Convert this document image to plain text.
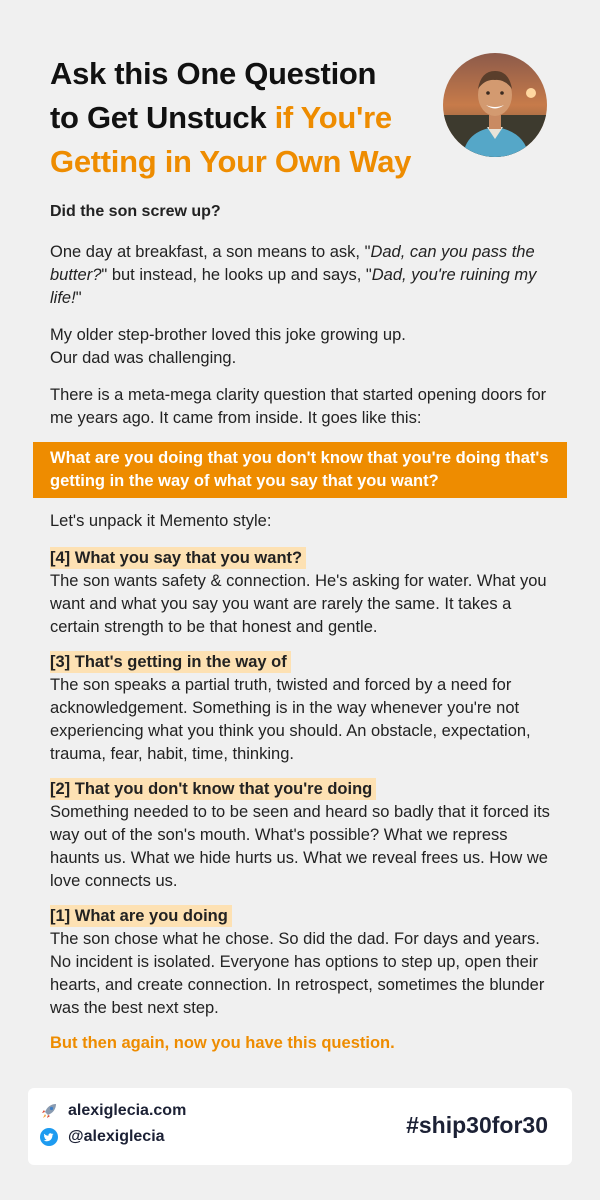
Ask this One Question
to Get Unstuck if You're
Getting in Your Own Way

Did the son screw up?

One day at breakfast, a son means to ask, "Dad, can you pass the butter?" but instead, he looks up and says, "Dad, you're ruining my life!"

My older step-brother loved this joke growing up.
Our dad was challenging.

There is a meta-mega clarity question that started opening doors for me years ago. It came from inside. It goes like this:

What are you doing that you don't know that you're doing that's getting in the way of what you say that you want?

Let's unpack it Memento style:

[4] What you say that you want?

The son wants safety & connection. He's asking for water. What you want and what you say you want are rarely the same. It takes a certain strength to be that honest and gentle.

[3] That's getting in the way of

The son speaks a partial truth, twisted and forced by a need for acknowledgement. Something is in the way whenever you're not experiencing what you think you should. An obstacle, expectation, trauma, fear, habit, time, thinking.

[2] That you don't know that you're doing

Something needed to to be seen and heard so badly that it forced its way out of the son's mouth. What's possible? What we repress haunts us. What we hide hurts us. What we reveal frees us. How we love connects us.

[1] What are you doing

The son chose what he chose. So did the dad. For days and years. No incident is isolated. Everyone has options to step up, open their hearts, and create connection. In retrospect, sometimes the blunder was the best next step.

But then again, now you have this question.

alexiglecia.com
@alexiglecia	#ship30for30
